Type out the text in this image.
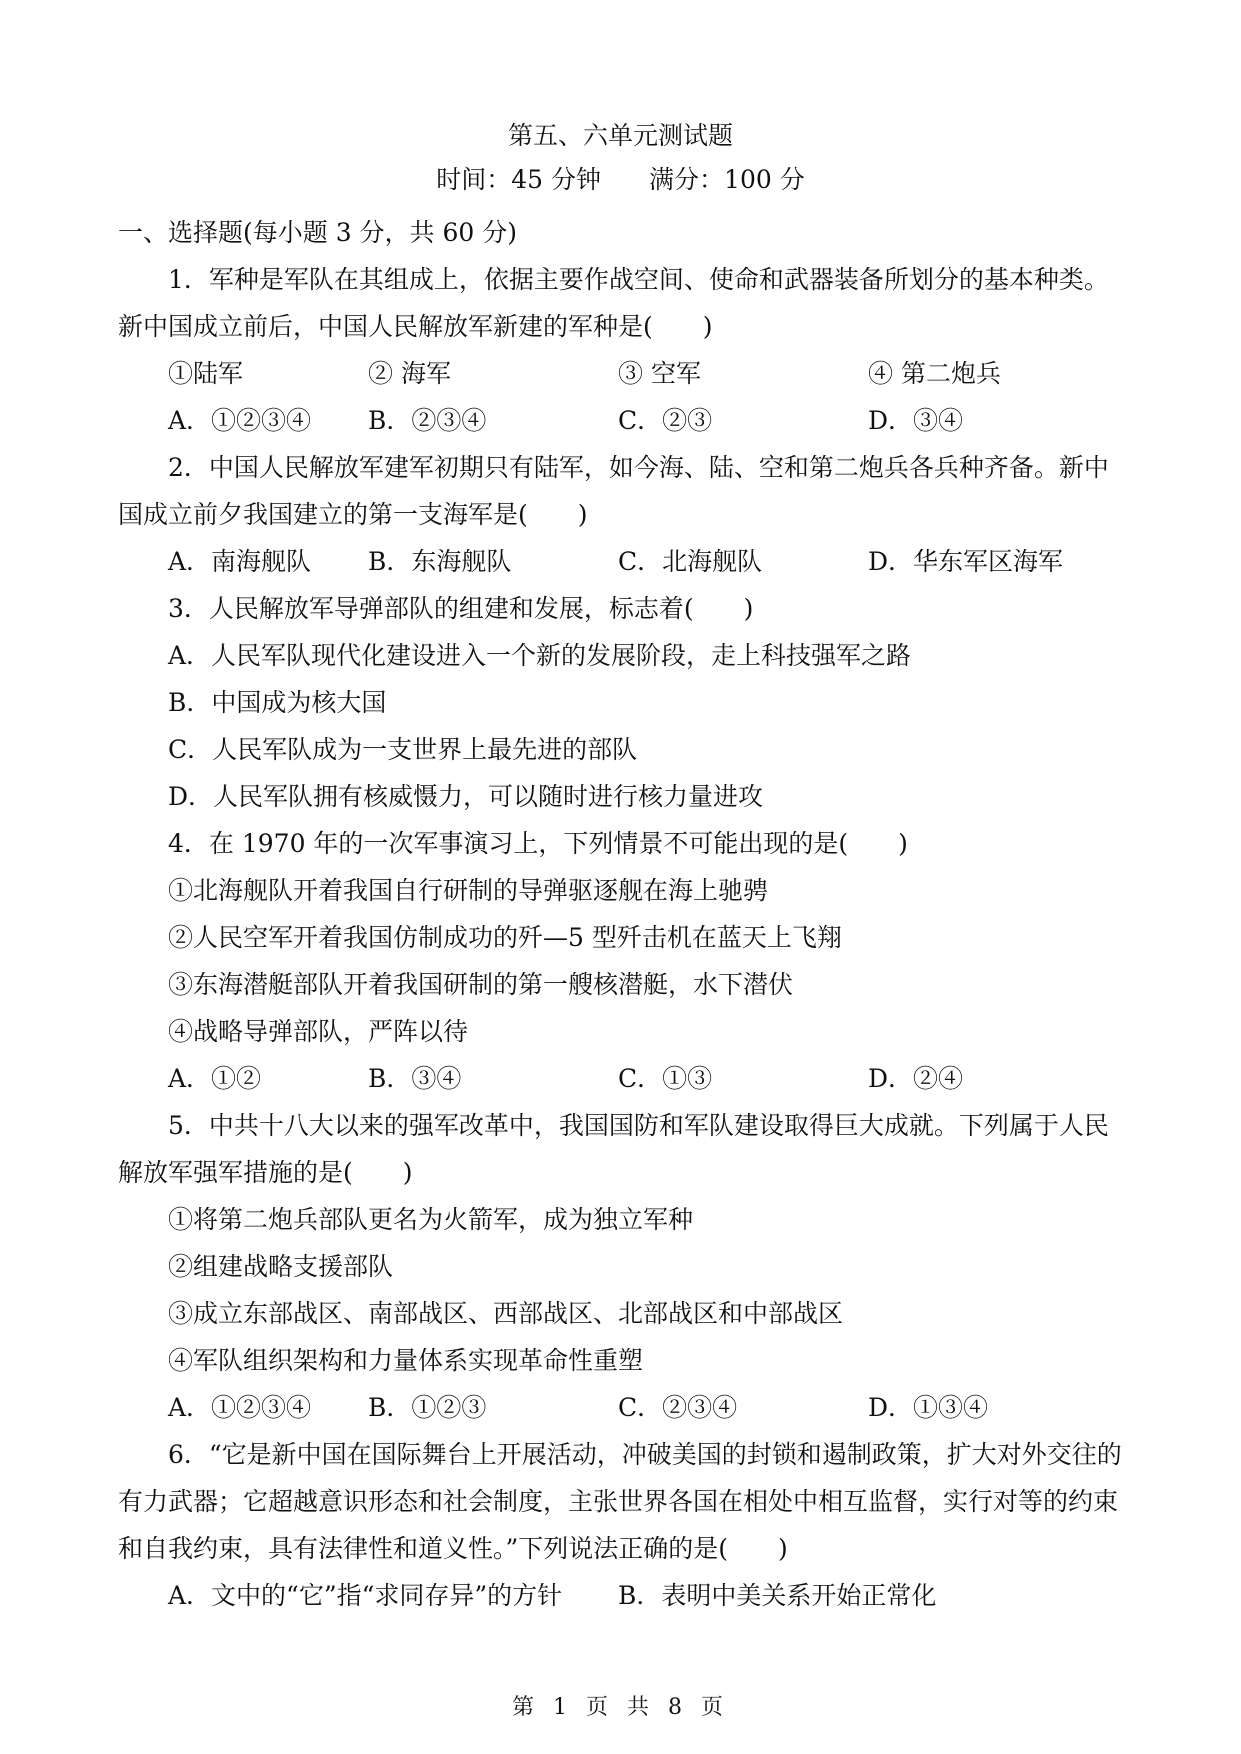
第五、六单元测试题
时间：45 分钟 满分：100 分
一、选择题(每小题 3 分，共 60 分)
1．军种是军队在其组成上，依据主要作战空间、使命和武器装备所划分的基本种类。
新中国成立前后，中国人民解放军新建的军种是(　　)
①陆军	② 海军	③ 空军	④ 第二炮兵
A．①②③④	B．②③④	C．②③	D．③④
2．中国人民解放军建军初期只有陆军，如今海、陆、空和第二炮兵各兵种齐备。新中
国成立前夕我国建立的第一支海军是(　　)
A．南海舰队	B．东海舰队	C．北海舰队	D．华东军区海军
3．人民解放军导弹部队的组建和发展，标志着(　　)
A．人民军队现代化建设进入一个新的发展阶段，走上科技强军之路
B．中国成为核大国
C．人民军队成为一支世界上最先进的部队
D．人民军队拥有核威慑力，可以随时进行核力量进攻
4．在 1970 年的一次军事演习上，下列情景不可能出现的是(　　)
①北海舰队开着我国自行研制的导弹驱逐舰在海上驰骋
②人民空军开着我国仿制成功的歼—5 型歼击机在蓝天上飞翔
③东海潜艇部队开着我国研制的第一艘核潜艇，水下潜伏
④战略导弹部队，严阵以待
A．①②	B．③④	C．①③	D．②④
5．中共十八大以来的强军改革中，我国国防和军队建设取得巨大成就。下列属于人民
解放军强军措施的是(　　)
①将第二炮兵部队更名为火箭军，成为独立军种
②组建战略支援部队
③成立东部战区、南部战区、西部战区、北部战区和中部战区
④军队组织架构和力量体系实现革命性重塑
A．①②③④	B．①②③	C．②③④	D．①③④
6．“它是新中国在国际舞台上开展活动，冲破美国的封锁和遏制政策，扩大对外交往的
有力武器；它超越意识形态和社会制度，主张世界各国在相处中相互监督，实行对等的约束
和自我约束，具有法律性和道义性。”下列说法正确的是(　　)
A．文中的“它”指“求同存异”的方针	B．表明中美关系开始正常化
第 1 页 共 8 页
